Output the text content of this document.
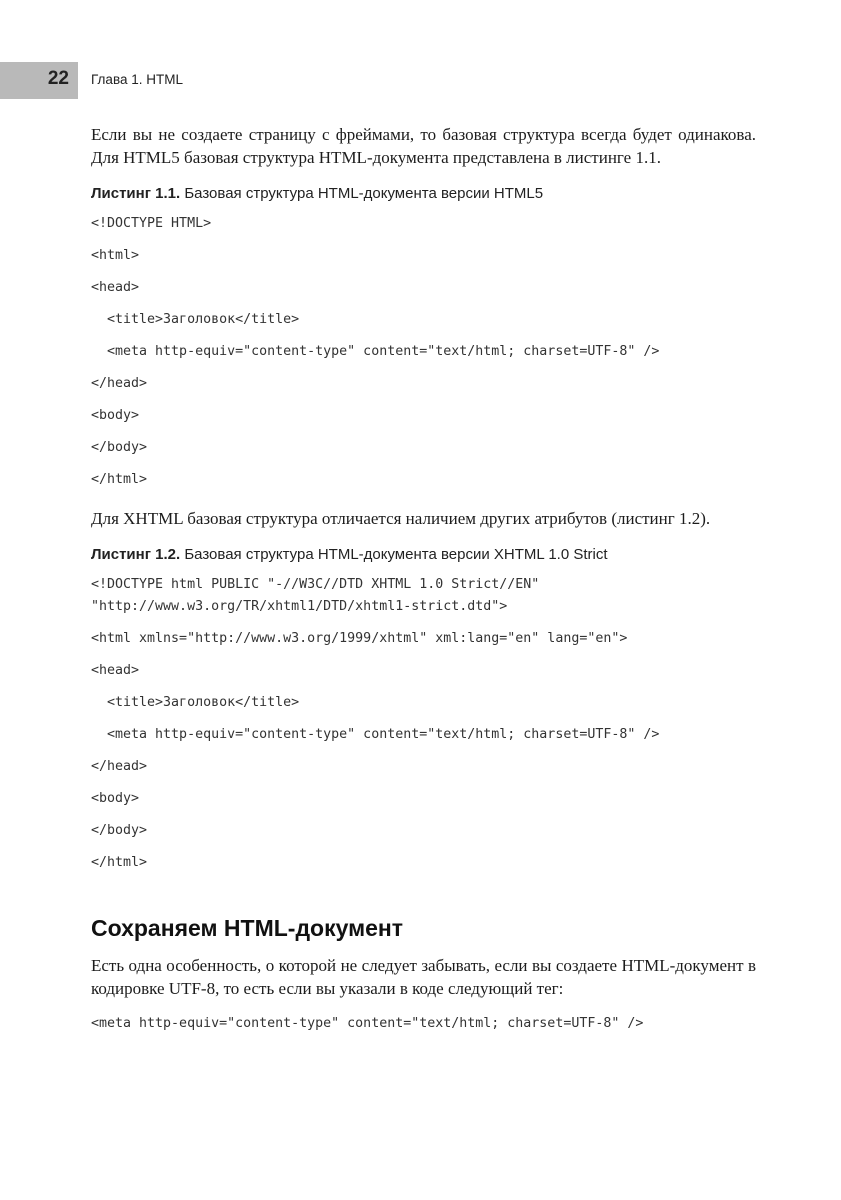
22 Глава 1. HTML

Если вы не создаете страницу с фреймами, то базовая структура всегда будет одинакова. Для HTML5 базовая структура HTML-документа представлена в листинге 1.1.

Листинг 1.1. Базовая структура HTML-документа версии HTML5
<!DOCTYPE HTML>
<html>
<head>
<title>Заголовок</title>
<meta http-equiv="content-type" content="text/html; charset=UTF-8" />
</head>
<body>
</body>
</html>

Для XHTML базовая структура отличается наличием других атрибутов (листинг 1.2).

Листинг 1.2. Базовая структура HTML-документа версии XHTML 1.0 Strict
<!DOCTYPE html PUBLIC "-//W3C//DTD XHTML 1.0 Strict//EN" "http://www.w3.org/TR/xhtml1/DTD/xhtml1-strict.dtd">
<html xmlns="http://www.w3.org/1999/xhtml" xml:lang="en" lang="en">
<head>
<title>Заголовок</title>
<meta http-equiv="content-type" content="text/html; charset=UTF-8" />
</head>
<body>
</body>
</html>
Сохраняем HTML-документ

Есть одна особенность, о которой не следует забывать, если вы создаете HTML-документ в кодировке UTF-8, то есть если вы указали в коде следующий тег:

<meta http-equiv="content-type" content="text/html; charset=UTF-8" />
